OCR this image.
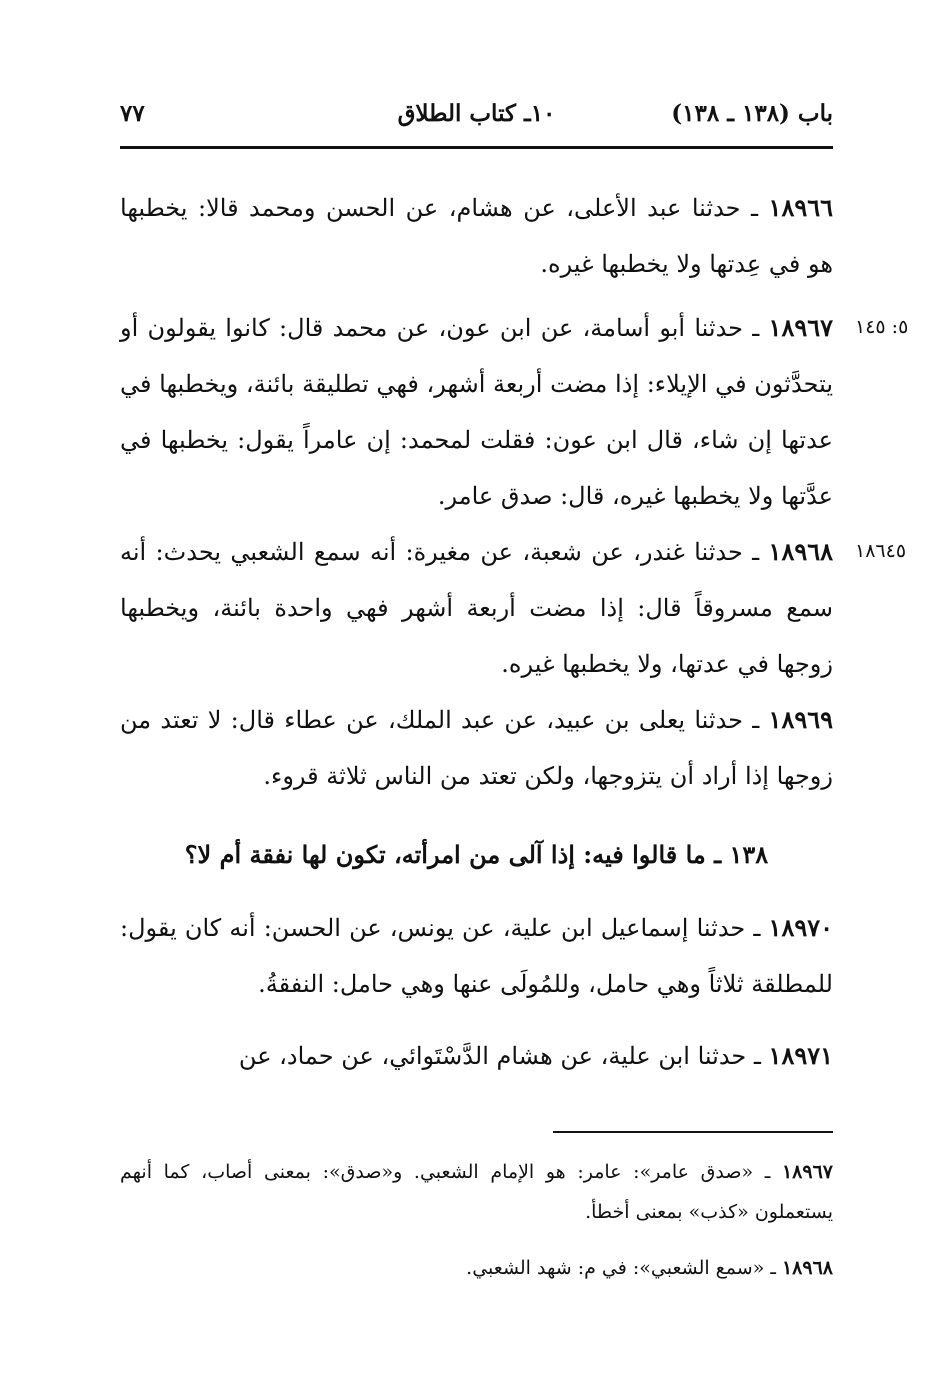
باب (١٣٨ ـ ١٣٨)
١٠ـ كتاب الطلاق
٧٧
١٨٩٦٦ ـ حدثنا عبد الأعلى، عن هشام، عن الحسن ومحمد قالا: يخطبها هو في عِدتها ولا يخطبها غيره.
٥: ١٤٥
١٨٩٦٧ ـ حدثنا أبو أسامة، عن ابن عون، عن محمد قال: كانوا يقولون أو يتحدَّثون في الإيلاء: إذا مضت أربعة أشهر، فهي تطليقة بائنة، ويخطبها في عدتها إن شاء، قال ابن عون: فقلت لمحمد: إن عامراً يقول: يخطبها في عدَّتها ولا يخطبها غيره، قال: صدق عامر.
١٨٦٤٥
١٨٩٦٨ ـ حدثنا غندر، عن شعبة، عن مغيرة: أنه سمع الشعبي يحدث: أنه سمع مسروقاً قال: إذا مضت أربعة أشهر فهي واحدة بائنة، ويخطبها زوجها في عدتها، ولا يخطبها غيره.
١٨٩٦٩ ـ حدثنا يعلى بن عبيد، عن عبد الملك، عن عطاء قال: لا تعتد من زوجها إذا أراد أن يتزوجها، ولكن تعتد من الناس ثلاثة قروء.
١٣٨ ـ ما قالوا فيه: إذا آلى من امرأته، تكون لها نفقة أم لا؟
١٨٩٧٠ ـ حدثنا إسماعيل ابن علية، عن يونس، عن الحسن: أنه كان يقول: للمطلقة ثلاثاً وهي حامل، وللمُولَى عنها وهي حامل: النفقةُ.
١٨٩٧١ ـ حدثنا ابن علية، عن هشام الدَّسْتَوائي، عن حماد، عن
١٨٩٦٧ ـ «صدق عامر»: عامر: هو الإمام الشعبي. و«صدق»: بمعنى أصاب، كما أنهم يستعملون «كذب» بمعنى أخطأ.
١٨٩٦٨ ـ «سمع الشعبي»: في م: شهد الشعبي.
